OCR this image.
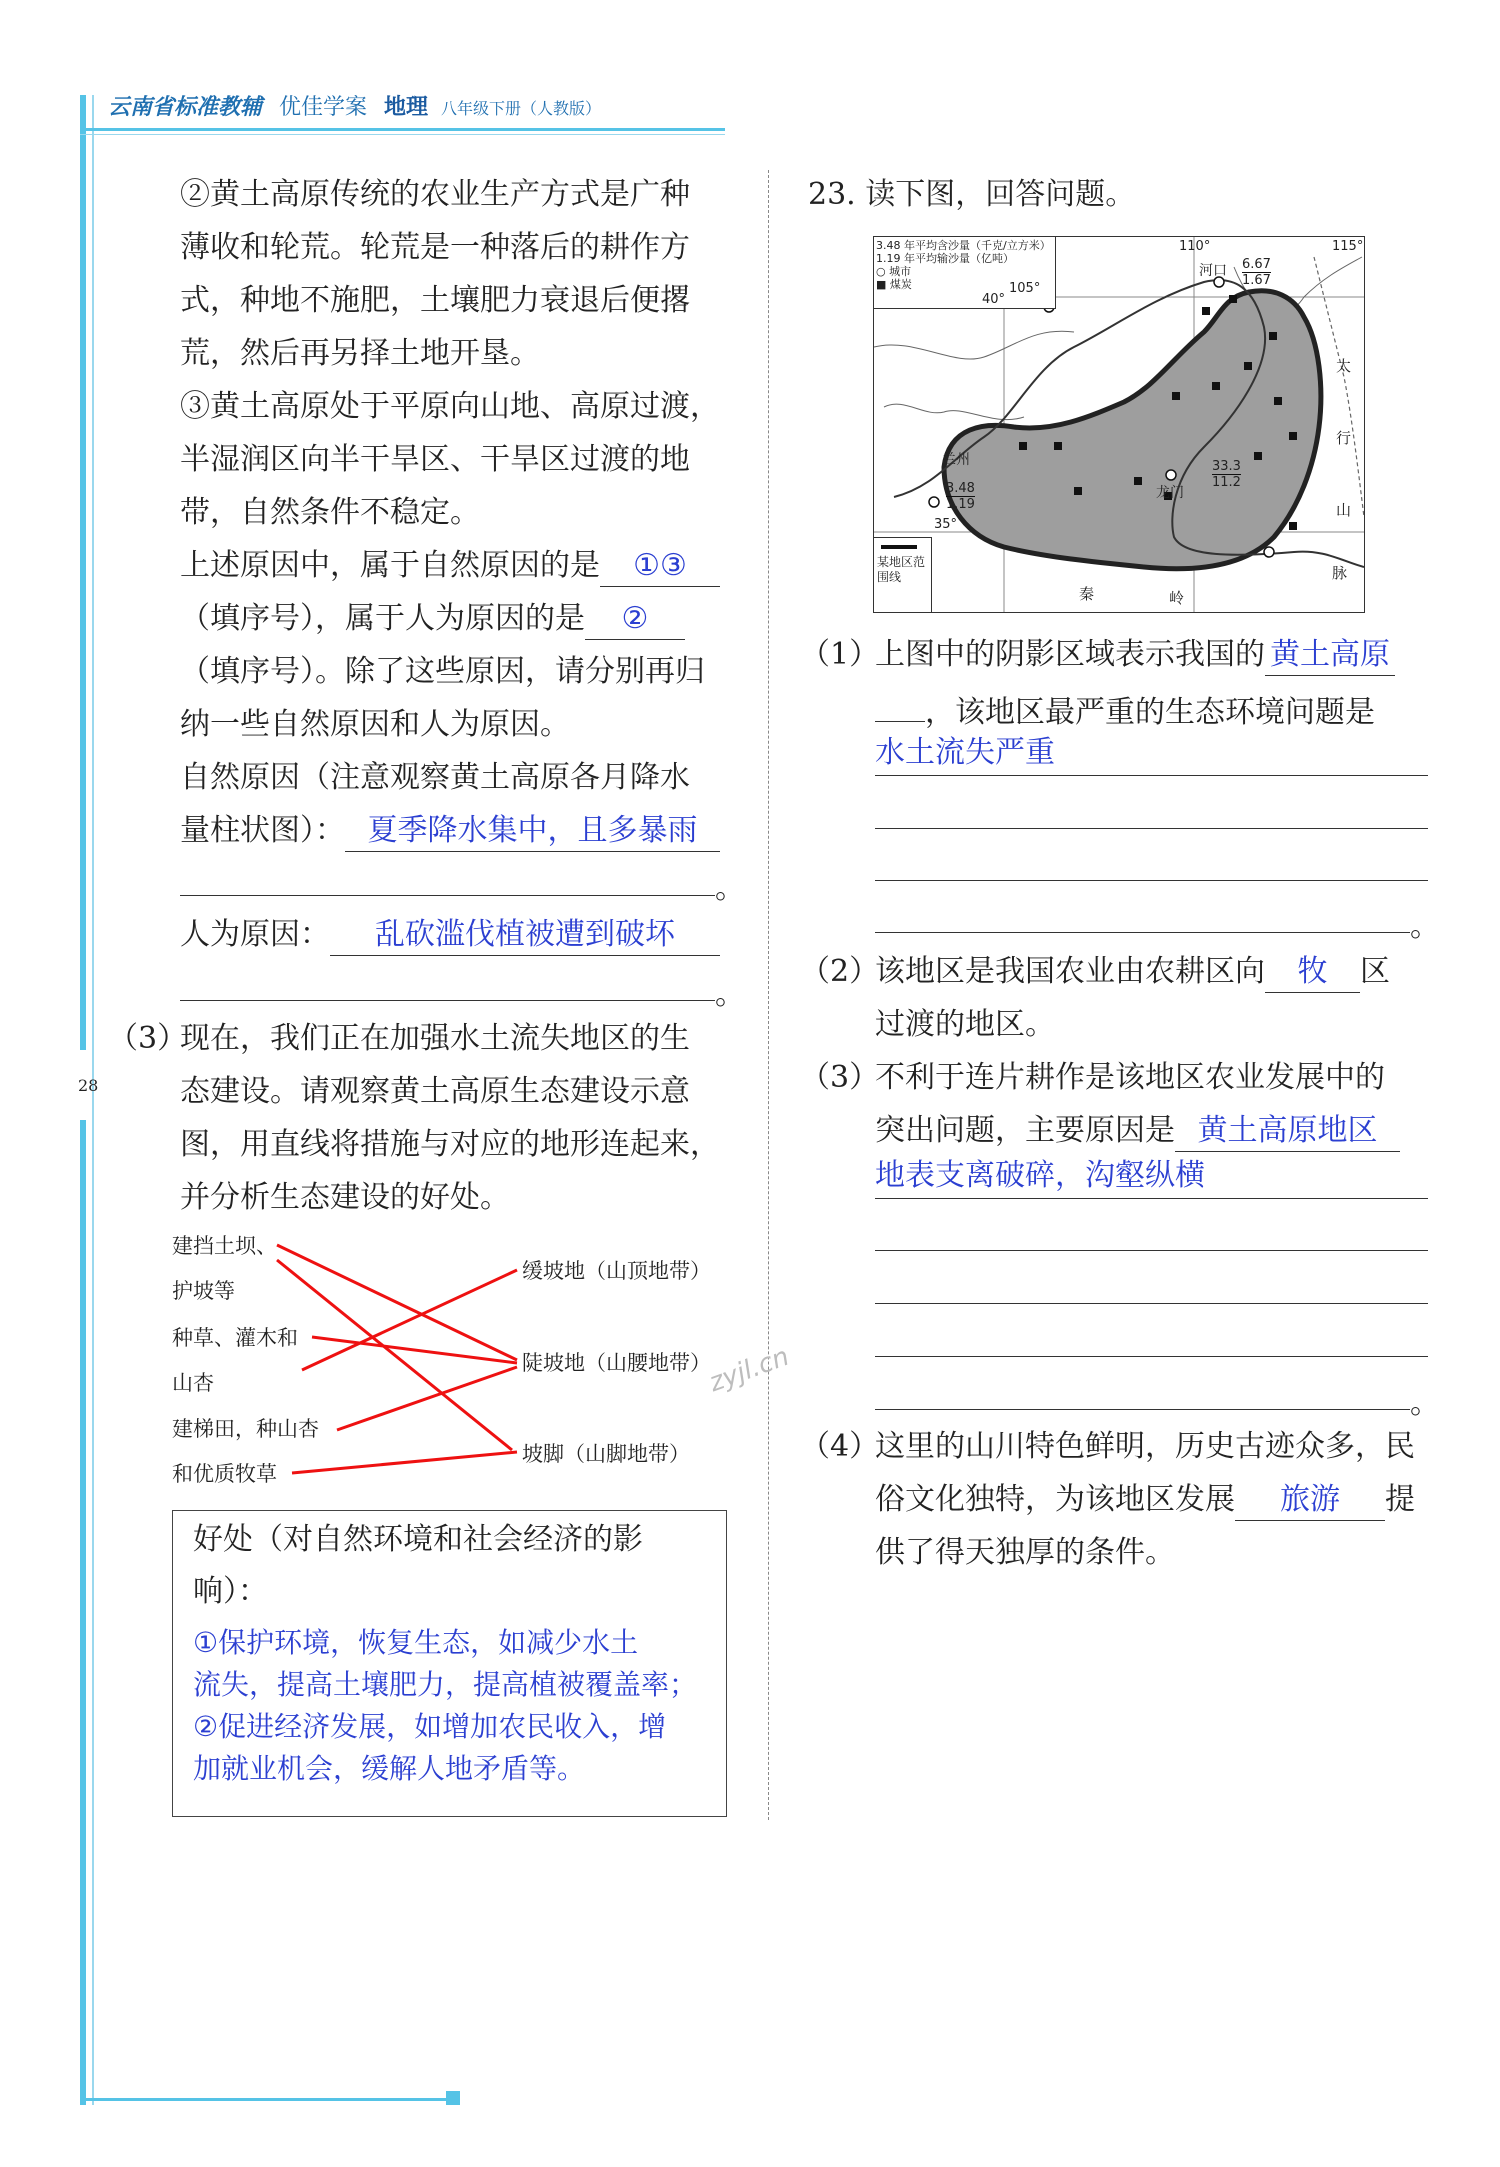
云南省标准教辅 优佳学案 地理 八年级下册（人教版）
28
②黄土高原传统的农业生产方式是广种
薄收和轮荒。轮荒是一种落后的耕作方
式，种地不施肥，土壤肥力衰退后便撂
荒，然后再另择土地开垦。
③黄土高原处于平原向山地、高原过渡，
半湿润区向半干旱区、干旱区过渡的地
带，自然条件不稳定。
上述原因中，属于自然原因的是 ①③
（填序号），属于人为原因的是 ②
（填序号）。除了这些原因，请分别再归
纳一些自然原因和人为原因。
自然原因（注意观察黄土高原各月降水
量柱状图）： 夏季降水集中，且多暴雨
。
人为原因： 乱砍滥伐植被遭到破坏
。
（3）
现在，我们正在加强水土流失地区的生
态建设。请观察黄土高原生态建设示意
图，用直线将措施与对应的地形连起来，
并分析生态建设的好处。
建挡土坝、
护坡等
种草、灌木和
山杏
建梯田，种山杏
和优质牧草
缓坡地（山顶地带）
陡坡地（山腰地带）
坡脚（山脚地带）
zyjl.cn
好处（对自然环境和社会经济的影
响）：
①保护环境，恢复生态，如减少水土
流失，提高土壤肥力，提高植被覆盖率；
②促进经济发展，如增加农民收入，增
加就业机会，缓解人地矛盾等。
23. 读下图，回答问题。
3.48 年平均含沙量（千克/立方米）
1.19 年平均输沙量（亿吨）
○ 城市
■ 煤炭
某地区范围线
110°	115°
105°
40°
35°
河口 6.67
1.67
兰州
3.48
1.19
龙门
33.3
11.2
太
行
山
脉
秦	岭
（1）
上图中的阴影区域表示我国的 黄土高原
，该地区最严重的生态环境问题是
水土流失严重
。
（2）
该地区是我国农业由农耕区向 牧 区
过渡的地区。
（3）
不利于连片耕作是该地区农业发展中的
突出问题，主要原因是 黄土高原地区
地表支离破碎，沟壑纵横
。
（4）
这里的山川特色鲜明，历史古迹众多，民
俗文化独特，为该地区发展 旅游 提
供了得天独厚的条件。
